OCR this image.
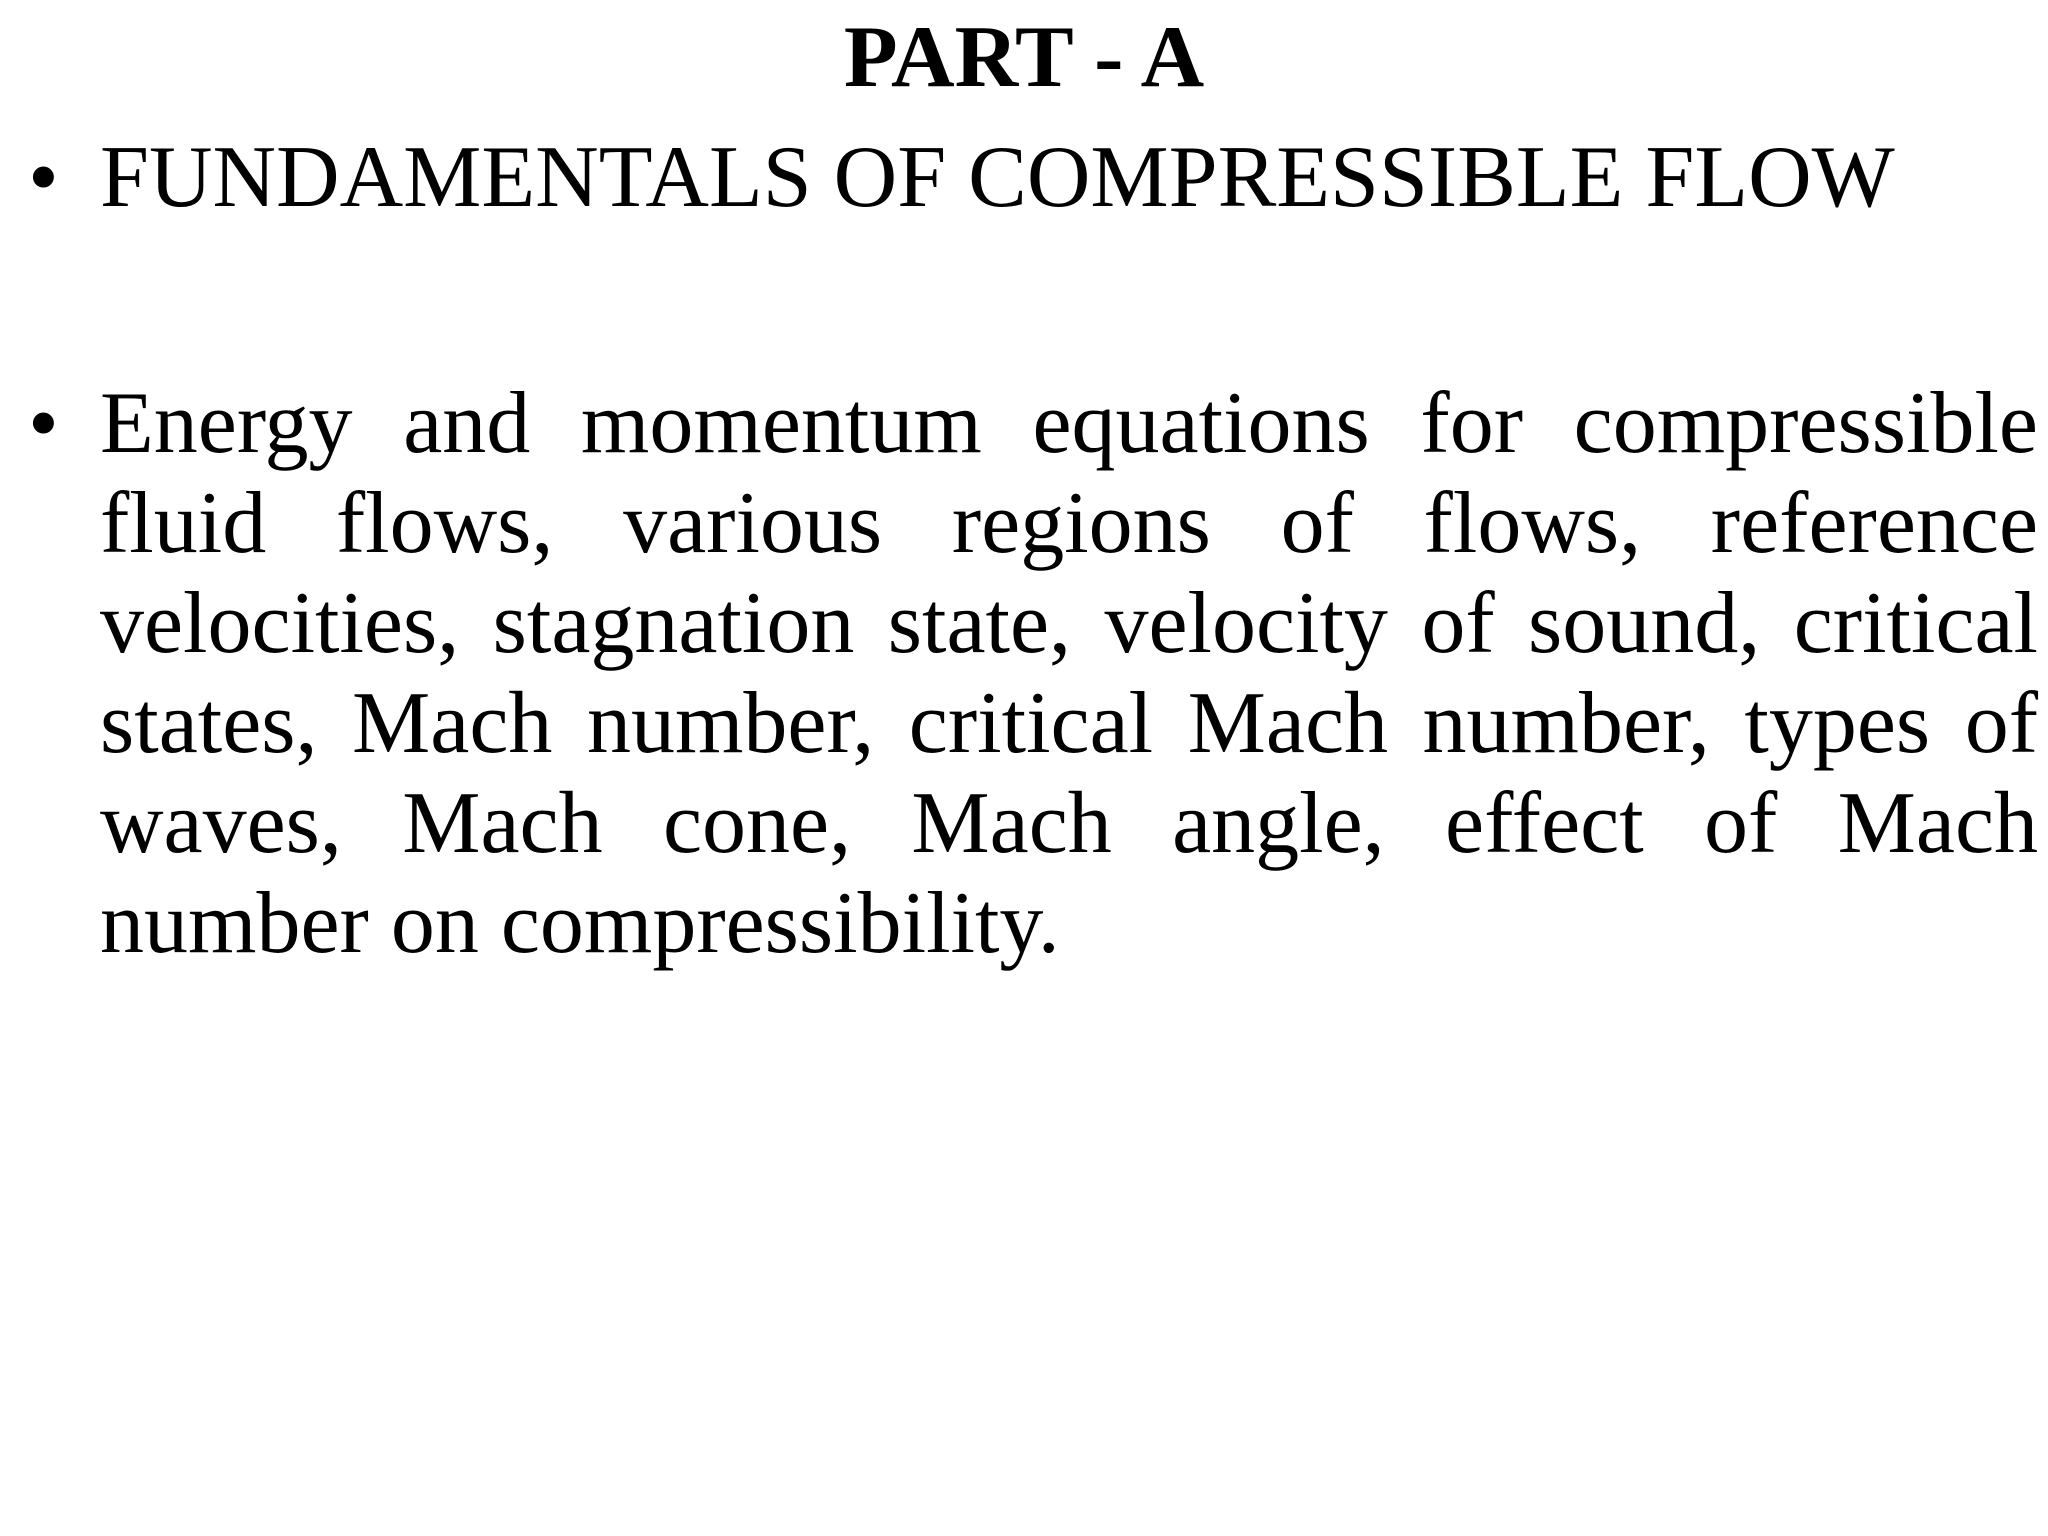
PART - A
• FUNDAMENTALS OF COMPRESSIBLE FLOW

• Energy and momentum equations for compressible fluid flows, various regions of flows, reference velocities, stagnation state, velocity of sound, critical states, Mach number, critical Mach number, types of waves, Mach cone, Mach angle, effect of Mach number on compressibility.
